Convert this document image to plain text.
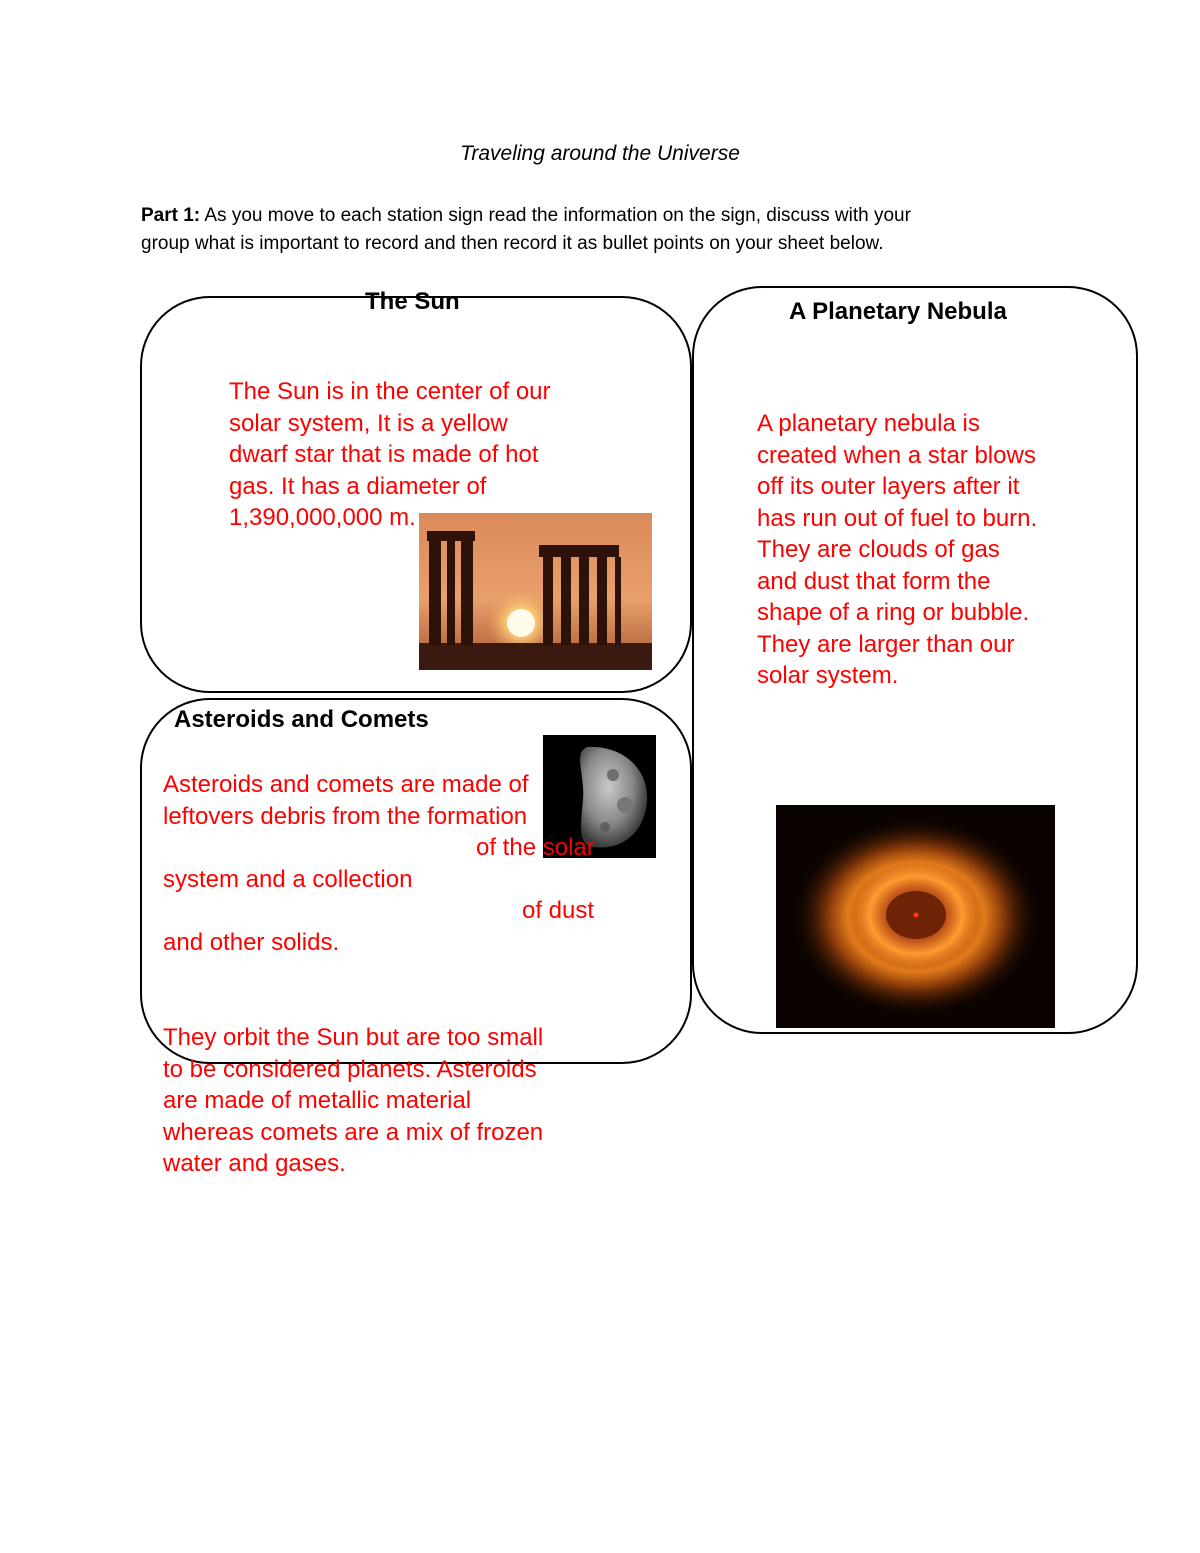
Traveling around the Universe
Part 1: As you move to each station sign read the information on the sign, discuss with your
group what is important to record and then record it as bullet points on your sheet below.
The Sun
The Sun is in the center of our
solar system, It is a yellow
dwarf star that is made of hot
gas. It has a diameter of
1,390,000,000 m.
Asteroids and Comets
Asteroids and comets are made of
leftovers debris from the formation
of the solar
system and a collection
of dust
and other solids.
They orbit the Sun but are too small
to be considered planets. Asteroids
are made of metallic material
whereas comets are a mix of frozen
water and gases.
A Planetary Nebula
A planetary nebula is
created when a star blows
off its outer layers after it
has run out of fuel to burn.
They are clouds of gas
and dust that form the
shape of a ring or bubble.
They are larger than our
solar system.
